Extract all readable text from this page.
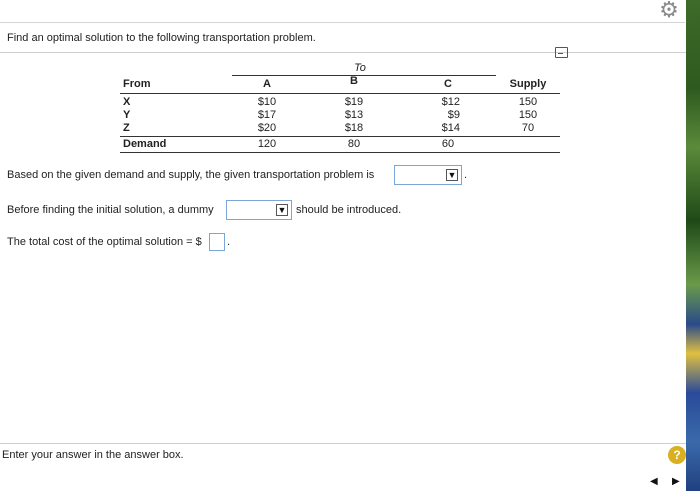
⚙
Find an optimal solution to the following transportation problem.
To
From	A	B	C	Supply
X	$10	$19	$12	150
Y	$17	$13	$9	150
Z	$20	$18	$14	70
Demand	120	80	60
Based on the given demand and supply, the given transportation problem is	▼ .
Before finding the initial solution, a dummy	▼ should be introduced.
The total cost of the optimal solution = $ .
Enter your answer in the answer box.	?
◀ ▶
